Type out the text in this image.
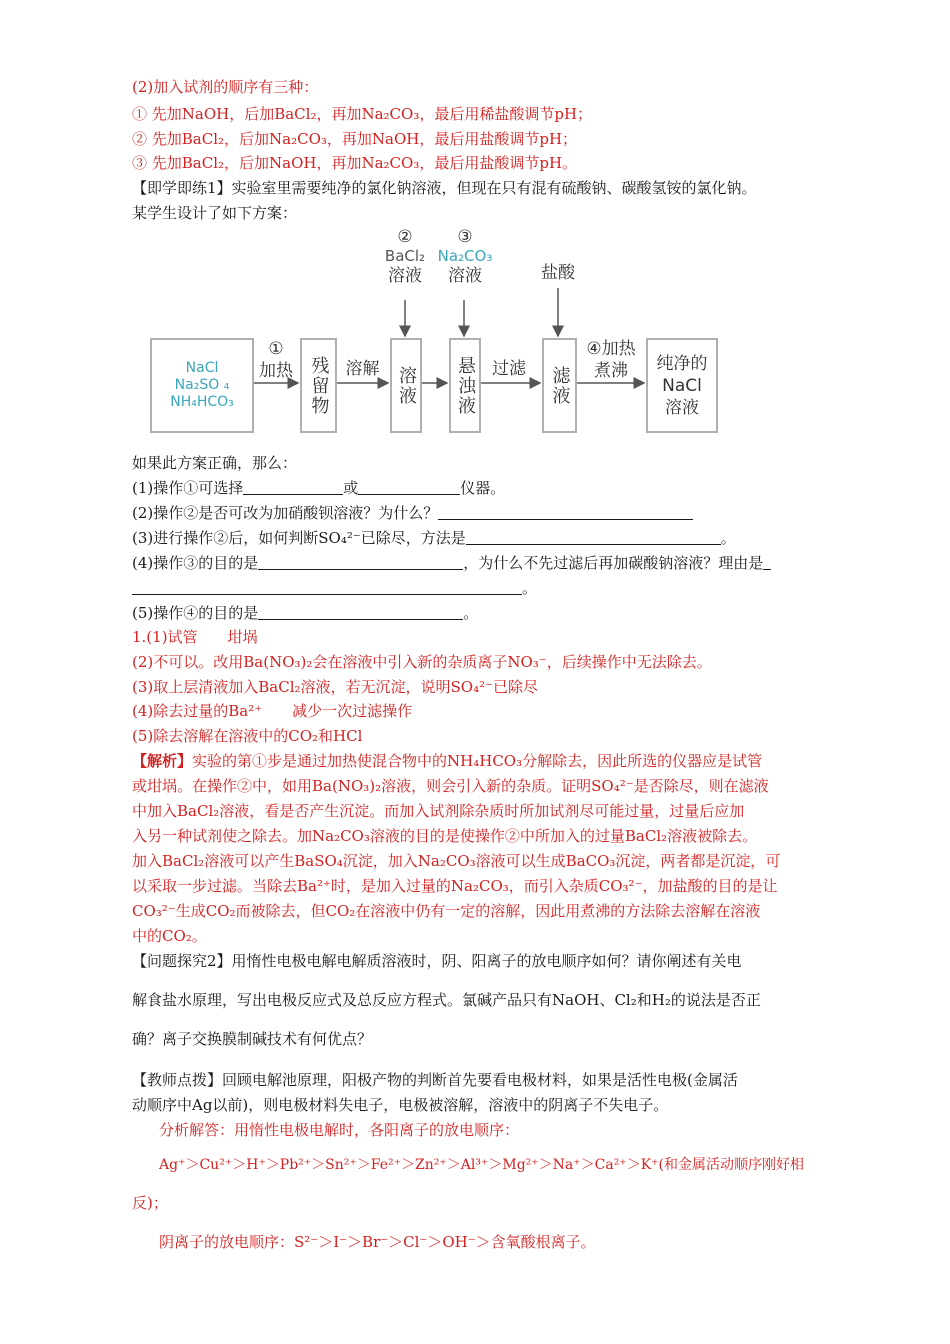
(2)加入试剂的顺序有三种：
① 先加NaOH，后加BaCl₂，再加Na₂CO₃，最后用稀盐酸调节pH；
② 先加BaCl₂，后加Na₂CO₃，再加NaOH，最后用盐酸调节pH；
③ 先加BaCl₂，后加NaOH，再加Na₂CO₃，最后用盐酸调节pH。
【即学即练1】实验室里需要纯净的氯化钠溶液，但现在只有混有硫酸钠、碳酸氢铵的氯化钠。
某学生设计了如下方案：
NaCl
Na₂SO ₄
NH₄HCO₃
①
加热 残留物 溶解 溶液 悬浊液 过滤	滤液
④加热
煮沸	纯净的
NaCl
溶液
②
BaCl₂
溶液
③
Na₂CO₃
溶液	盐酸
如果此方案正确，那么：
(1)操作①可选择	或	仪器。
(2)操作②是否可改为加硝酸钡溶液？为什么？
(3)进行操作②后，如何判断SO₄²⁻已除尽，方法是	。
(4)操作③的目的是	，为什么不先过滤后再加碳酸钠溶液？理由是
。
(5)操作④的目的是	。
1.(1)试管　　坩埚
(2)不可以。改用Ba(NO₃)₂会在溶液中引入新的杂质离子NO₃⁻，后续操作中无法除去。
(3)取上层清液加入BaCl₂溶液，若无沉淀，说明SO₄²⁻已除尽
(4)除去过量的Ba²⁺　　减少一次过滤操作
(5)除去溶解在溶液中的CO₂和HCl
【解析】实验的第①步是通过加热使混合物中的NH₄HCO₃分解除去，因此所选的仪器应是试管
或坩埚。在操作②中，如用Ba(NO₃)₂溶液，则会引入新的杂质。证明SO₄²⁻是否除尽，则在滤液
中加入BaCl₂溶液，看是否产生沉淀。而加入试剂除杂质时所加试剂尽可能过量，过量后应加
入另一种试剂使之除去。加Na₂CO₃溶液的目的是使操作②中所加入的过量BaCl₂溶液被除去。
加入BaCl₂溶液可以产生BaSO₄沉淀，加入Na₂CO₃溶液可以生成BaCO₃沉淀，两者都是沉淀，可
以采取一步过滤。当除去Ba²⁺时，是加入过量的Na₂CO₃，而引入杂质CO₃²⁻，加盐酸的目的是让
CO₃²⁻生成CO₂而被除去，但CO₂在溶液中仍有一定的溶解，因此用煮沸的方法除去溶解在溶液
中的CO₂。
【问题探究2】用惰性电极电解电解质溶液时，阴、阳离子的放电顺序如何？请你阐述有关电
解食盐水原理，写出电极反应式及总反应方程式。氯碱产品只有NaOH、Cl₂和H₂的说法是否正
确？离子交换膜制碱技术有何优点？
【教师点拨】回顾电解池原理，阳极产物的判断首先要看电极材料，如果是活性电极(金属活
动顺序中Ag以前)，则电极材料失电子，电极被溶解，溶液中的阴离子不失电子。
分析解答：用惰性电极电解时，各阳离子的放电顺序：
Ag⁺＞Cu²⁺＞H⁺＞Pb²⁺＞Sn²⁺＞Fe²⁺＞Zn²⁺＞Al³⁺＞Mg²⁺＞Na⁺＞Ca²⁺＞K⁺(和金属活动顺序刚好相
反)；
阴离子的放电顺序：S²⁻＞I⁻＞Br⁻＞Cl⁻＞OH⁻＞含氧酸根离子。
